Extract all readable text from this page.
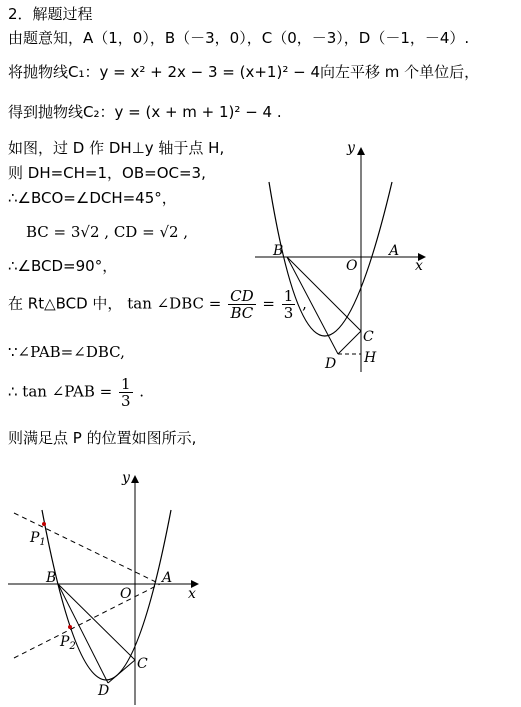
2．解题过程
由题意知，A（1，0），B（－3，0），C（0，－3），D（－1，－4）.
将抛物线C₁：y = x² + 2x − 3 = (x+1)² − 4向左平移 m 个单位后，
得到抛物线C₂：y = (x + m + 1)² − 4 .
如图，过 D 作 DH⊥y 轴于点 H,
则 DH=CH=1，OB=OC=3,
∴∠BCO=∠DCH=45°，
BC = 3√2 , CD = √2 ,
∴∠BCD=90°，
在 Rt△BCD 中， tan ∠DBC = $\frac{CD}{BC} = \frac{1}{3}$ ,
∵∠PAB=∠DBC,
∴ tan ∠PAB = $\frac{1}{3}$ .
则满足点 P 的位置如图所示,
y
x
O
B	A
C
D H
y
x
O
B	A
C
D
$P_1$
$P_2$
